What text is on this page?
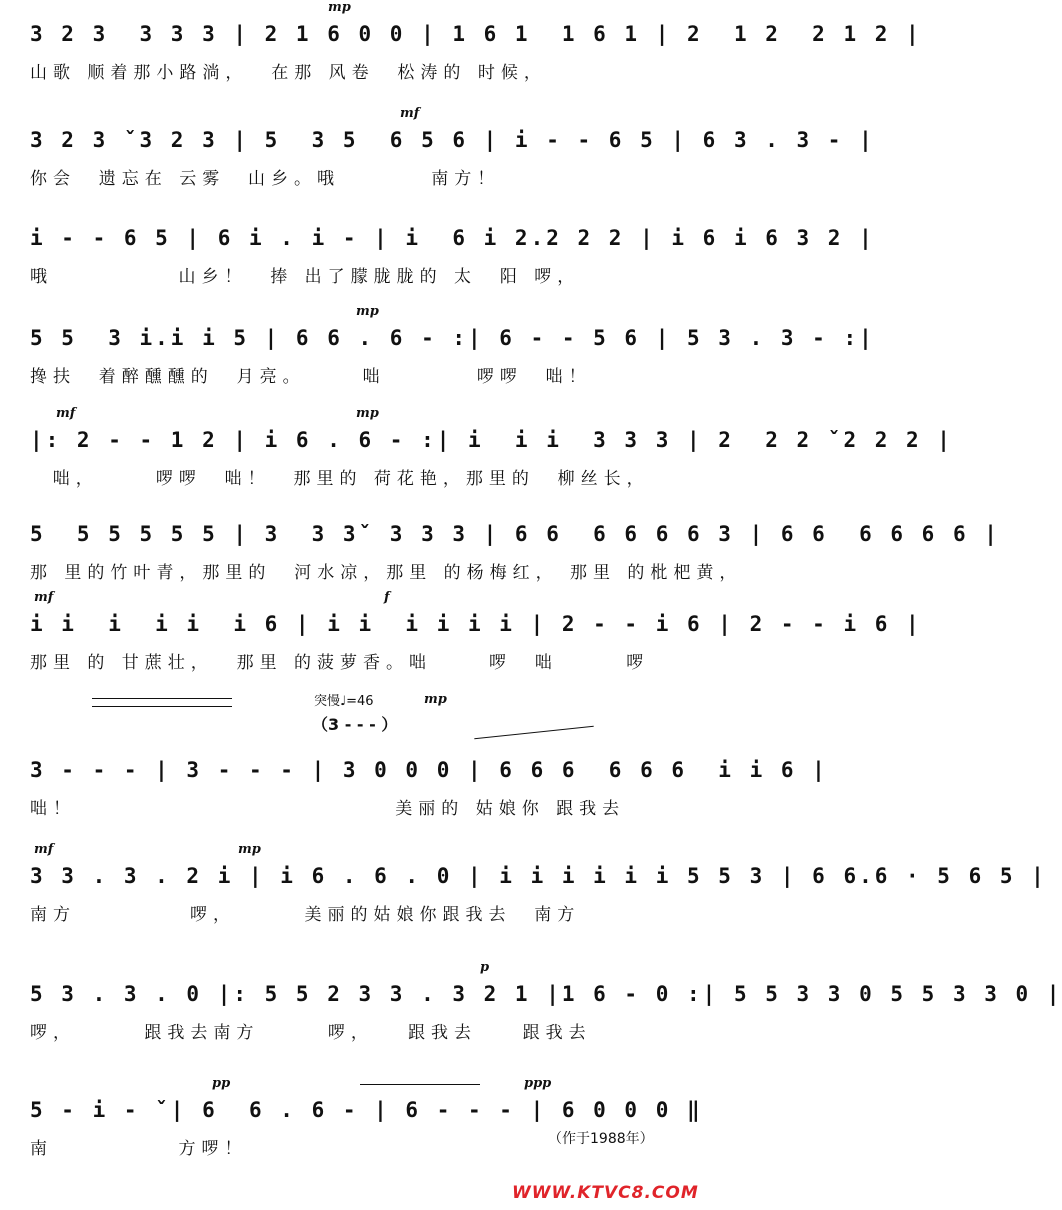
mp
3 2 3  3 3 3 | 2 1 6 0 0 | 1 6 1  1 6 1 | 2  1 2  2 1 2 |
山歌 顺着那小路淌，  在那 风卷  松涛的 时候，
mf
3 2 3 ˇ3 2 3 | 5  3 5  6 5 6 | i - - 6 5 | 6 3 . 3 - |
你会  遗忘在 云雾  山乡。哦        南方！
i - - 6 5 | 6 i . i - | i  6 i 2.2 2 2 | i 6 i 6 3 2 |
哦           山乡！  捧 出了朦胧胧的 太  阳 啰，
mp
5 5  3 i.i i 5 | 6 6 . 6 - :| 6 - - 5 6 | 5 3 . 3 - :|
搀扶  着醉醺醺的  月亮。     咄        啰啰  咄！
mf	mp
|: 2 - - 1 2 | i 6 . 6 - :| i  i i  3 3 3 | 2  2 2 ˇ2 2 2 |
咄，     啰啰  咄！  那里的 荷花艳，那里的  柳丝长，
5  5 5 5 5 5 | 3  3 3ˇ 3 3 3 | 6 6  6 6 6 6 3 | 6 6  6 6 6 6 |
那 里的竹叶青，那里的  河水凉，那里 的杨梅红， 那里 的枇杷黄，
mf	f
i i  i  i i  i 6 | i i  i i i i | 2 - - i 6 | 2 - - i 6 |
那里 的 甘蔗壮，  那里 的菠萝香。咄     啰  咄      啰
突慢♩=46	mp
（3 - - - ）
3 - - - | 3 - - - | 3 0 0 0 | 6 6 6  6 6 6  i i 6 |
咄！                            美丽的 姑娘你 跟我去
mf	mp
3 3 . 3 . 2 i | i 6 . 6 . 0 | i i i i i i 5 5 3 | 6 6.6 · 5 6 5 |
南方          啰，      美丽的姑娘你跟我去  南方
p
5 3 . 3 . 0 |: 5 5 2 3 3 . 3 2 1 |1 6 - 0 :| 5 5 3 3 0 5 5 3 3 0 |
啰，      跟我去南方      啰，   跟我去    跟我去
pp	ppp
5 - i - ˇ| 6  6 . 6 - | 6 - - - | 6 0 0 0 ‖
南           方啰！	（作于1988年）
WWW.KTVC8.COM
